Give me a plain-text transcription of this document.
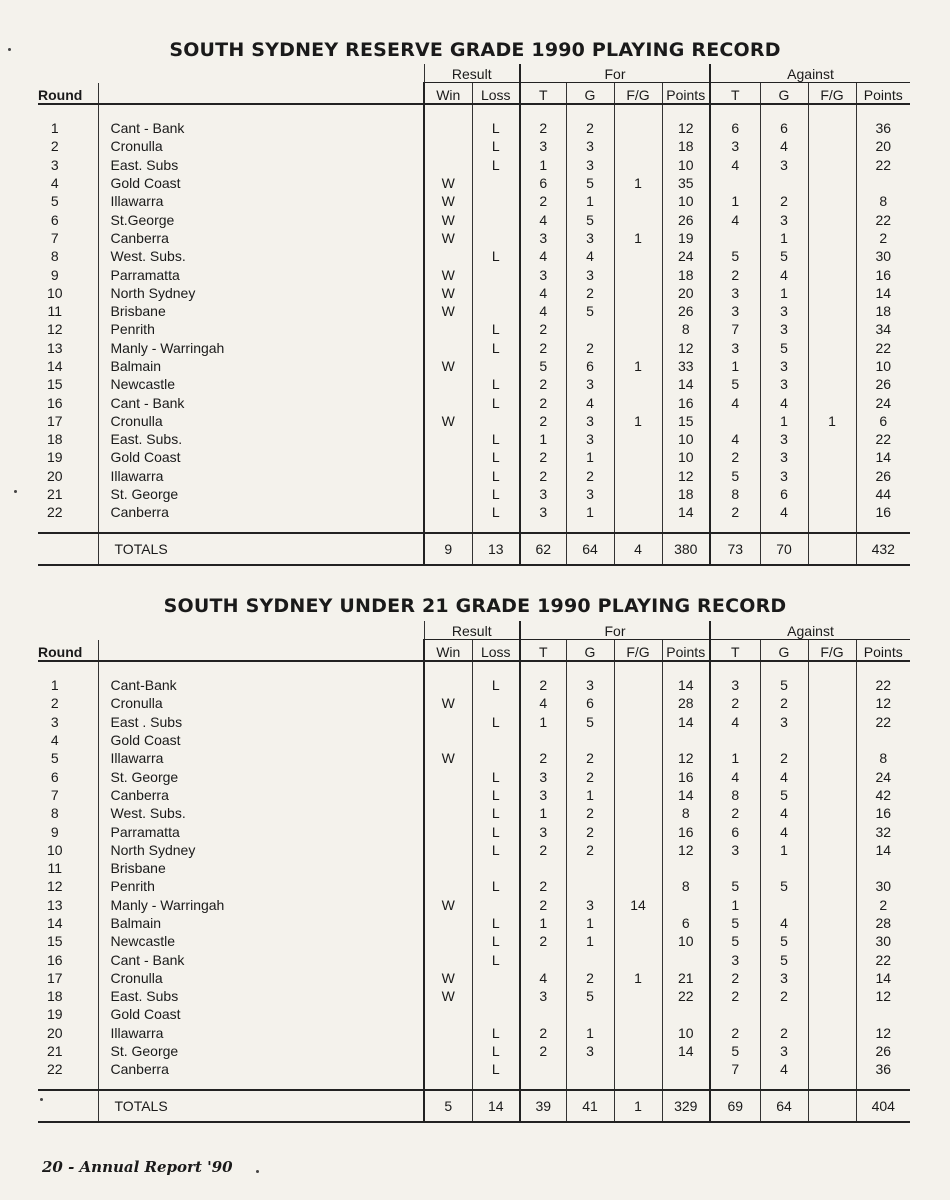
SOUTH SYDNEY RESERVE GRADE 1990 PLAYING RECORD
		Result		For				Against			
Round		Win	Loss	T	G	F/G	Points	T	G	F/G	Points

1	Cant - Bank		L	2	2		12	6	6		36
2	Cronulla		L	3	3		18	3	4		20
3	East. Subs		L	1	3		10	4	3		22
4	Gold Coast	W		6	5	1	35				
5	Illawarra	W		2	1		10	1	2		8
6	St.George	W		4	5		26	4	3		22
7	Canberra	W		3	3	1	19		1		2
8	West. Subs.		L	4	4		24	5	5		30
9	Parramatta	W		3	3		18	2	4		16
10	North Sydney	W		4	2		20	3	1		14
11	Brisbane	W		4	5		26	3	3		18
12	Penrith		L	2			8	7	3		34
13	Manly - Warringah		L	2	2		12	3	5		22
14	Balmain	W		5	6	1	33	1	3		10
15	Newcastle		L	2	3		14	5	3		26
16	Cant - Bank		L	2	4		16	4	4		24
17	Cronulla	W		2	3	1	15		1	1	6
18	East. Subs.		L	1	3		10	4	3		22
19	Gold Coast		L	2	1		10	2	3		14
20	Illawarra		L	2	2		12	5	3		26
21	St. George		L	3	3		18	8	6		44
22	Canberra		L	3	1		14	2	4		16

	TOTALS	9	13	62	64	4	380	73	70		432
SOUTH SYDNEY UNDER 21 GRADE 1990 PLAYING RECORD
		Result		For				Against			
Round		Win	Loss	T	G	F/G	Points	T	G	F/G	Points

1	Cant-Bank		L	2	3		14	3	5		22
2	Cronulla	W		4	6		28	2	2		12
3	East . Subs		L	1	5		14	4	3		22
4	Gold Coast										
5	Illawarra	W		2	2		12	1	2		8
6	St. George		L	3	2		16	4	4		24
7	Canberra		L	3	1		14	8	5		42
8	West. Subs.		L	1	2		8	2	4		16
9	Parramatta		L	3	2		16	6	4		32
10	North Sydney		L	2	2		12	3	1		14
11	Brisbane										
12	Penrith		L	2			8	5	5		30
13	Manly - Warringah	W		2	3	14		1			2
14	Balmain		L	1	1		6	5	4		28
15	Newcastle		L	2	1		10	5	5		30
16	Cant - Bank		L					3	5		22
17	Cronulla	W		4	2	1	21	2	3		14
18	East. Subs	W		3	5		22	2	2		12
19	Gold Coast										
20	Illawarra		L	2	1		10	2	2		12
21	St. George		L	2	3		14	5	3		26
22	Canberra		L					7	4		36

	TOTALS	5	14	39	41	1	329	69	64		404
20 - Annual Report '90
